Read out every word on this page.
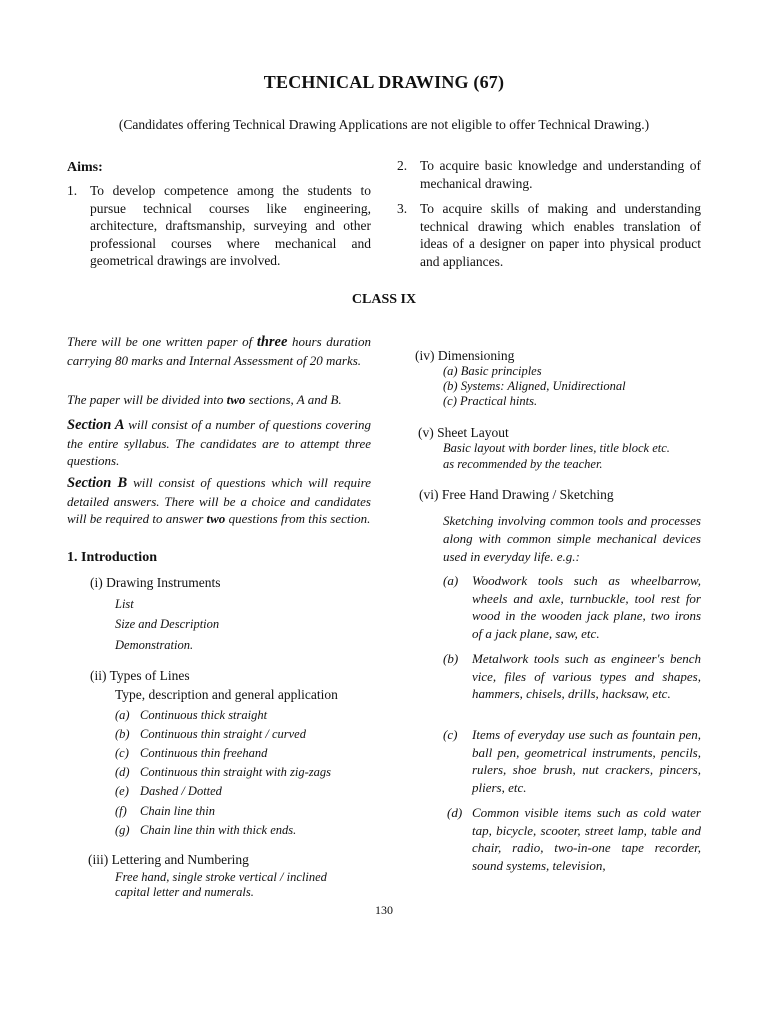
TECHNICAL DRAWING (67)
(Candidates offering Technical Drawing Applications are not eligible to offer Technical Drawing.)
Aims:
1. To develop competence among the students to pursue technical courses like engineering, architecture, draftsmanship, surveying and other professional courses where mechanical and geometrical drawings are involved.
2. To acquire basic knowledge and understanding of mechanical drawing.
3. To acquire skills of making and understanding technical drawing which enables translation of ideas of a designer on paper into physical product and appliances.
CLASS IX
There will be one written paper of three hours duration carrying 80 marks and Internal Assessment of 20 marks.
The paper will be divided into two sections, A and B.
Section A will consist of a number of questions covering the entire syllabus. The candidates are to attempt three questions.
Section B will consist of questions which will require detailed answers. There will be a choice and candidates will be required to answer two questions from this section.
1. Introduction
(i) Drawing Instruments
List
Size and Description
Demonstration.
(ii) Types of Lines
Type, description and general application
(a) Continuous thick straight
(b) Continuous thin straight / curved
(c) Continuous thin freehand
(d) Continuous thin straight with zig-zags
(e) Dashed / Dotted
(f) Chain line thin
(g) Chain line thin with thick ends.
(iii) Lettering and Numbering
Free hand, single stroke vertical / inclined
capital letter and numerals.
(iv) Dimensioning
(a) Basic principles
(b) Systems: Aligned, Unidirectional
(c) Practical hints.
(v) Sheet Layout
Basic layout with border lines, title block etc.
as recommended by the teacher.
(vi) Free Hand Drawing / Sketching
Sketching involving common tools and processes along with common simple mechanical devices used in everyday life. e.g.:
(a)	Woodwork tools such as wheelbarrow, wheels and axle, turnbuckle, tool rest for wood in the wooden jack plane, two irons of a jack plane, saw, etc.
(b)	Metalwork tools such as engineer's bench vice, files of various types and shapes, hammers, chisels, drills, hacksaw, etc.
(c)	Items of everyday use such as fountain pen, ball pen, geometrical instruments, pencils, rulers, shoe brush, nut crackers, pincers, pliers, etc.
(d) Common visible items such as cold water tap, bicycle, scooter, street lamp, table and chair, radio, two-in-one tape recorder, sound systems, television,
130
